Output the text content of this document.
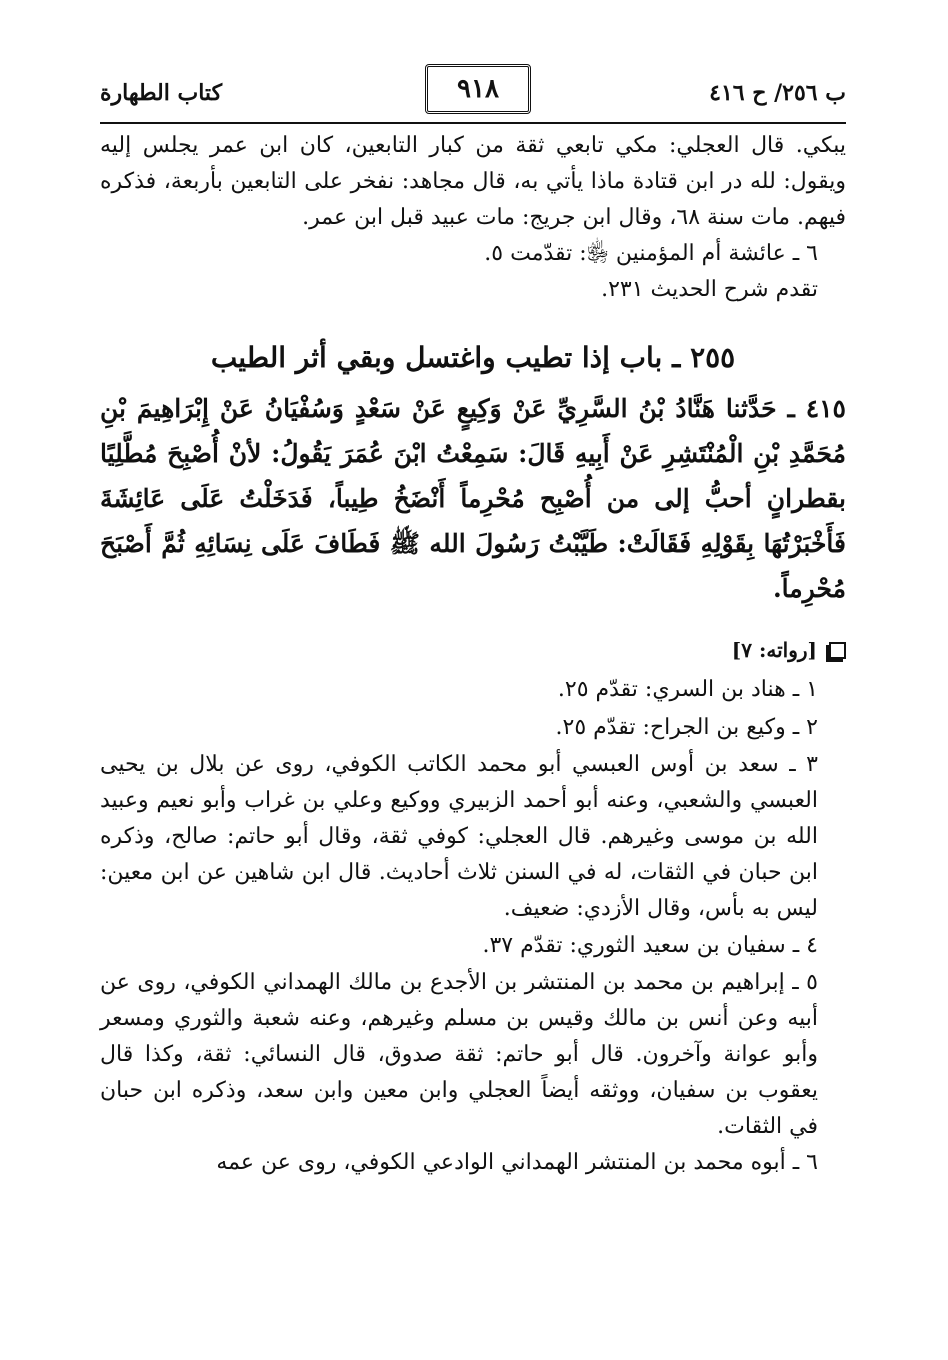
كتاب الطهارة	٩١٨	ب ٢٥٦/ ح ٤١٦

يبكي. قال العجلي: مكي تابعي ثقة من كبار التابعين، كان ابن عمر يجلس إليه ويقول: لله در ابن قتادة ماذا يأتي به، قال مجاهد: نفخر على التابعين بأربعة، فذكره فيهم. مات سنة ٦٨، وقال ابن جريج: مات عبيد قبل ابن عمر.

٦ ـ عائشة أم المؤمنين ﵂: تقدّمت ٥.

تقدم شرح الحديث ٢٣١.

٢٥٥ ـ باب إذا تطيب واغتسل وبقي أثر الطيب

٤١٥ ـ حَدَّثنا هَنَّادُ بْنُ السَّرِيِّ عَنْ وَكِيعٍ عَنْ سَعْدٍ وَسُفْيَانُ عَنْ إِبْرَاهِيمَ بْنِ مُحَمَّدِ بْنِ الْمُنْتَشِرِ عَنْ أَبِيهِ قَالَ: سَمِعْتُ ابْنَ عُمَرَ يَقُولُ: لأنْ أُصْبِحَ مُطَّلِيًا بقطرانٍ أحبُّ إلى من أُصْبِح مُحْرِماً أَنْضَخُ طِيباً، فَدَخَلْتُ عَلَى عَائِشَةَ فَأَخْبَرْتُهَا بِقَوْلِهِ فَقَالَتْ: طَيَّبْتُ رَسُولَ الله ﷺ فَطَافَ عَلَى نِسَائِهِ ثُمَّ أَصْبَحَ مُحْرِماً.

[رواته: ٧]

١ ـ هناد بن السري: تقدّم ٢٥.

٢ ـ وكيع بن الجراح: تقدّم ٢٥.

٣ ـ سعد بن أوس العبسي أبو محمد الكاتب الكوفي، روى عن بلال بن يحيى العبسي والشعبي، وعنه أبو أحمد الزبيري ووكيع وعلي بن غراب وأبو نعيم وعبيد الله بن موسى وغيرهم. قال العجلي: كوفي ثقة، وقال أبو حاتم: صالح، وذكره ابن حبان في الثقات، له في السنن ثلاث أحاديث. قال ابن شاهين عن ابن معين: ليس به بأس، وقال الأزدي: ضعيف.

٤ ـ سفيان بن سعيد الثوري: تقدّم ٣٧.

٥ ـ إبراهيم بن محمد بن المنتشر بن الأجدع بن مالك الهمداني الكوفي، روى عن أبيه وعن أنس بن مالك وقيس بن مسلم وغيرهم، وعنه شعبة والثوري ومسعر وأبو عوانة وآخرون. قال أبو حاتم: ثقة صدوق، قال النسائي: ثقة، وكذا قال يعقوب بن سفيان، ووثقه أيضاً العجلي وابن معين وابن سعد، وذكره ابن حبان في الثقات.

٦ ـ أبوه محمد بن المنتشر الهمداني الوادعي الكوفي، روى عن عمه
